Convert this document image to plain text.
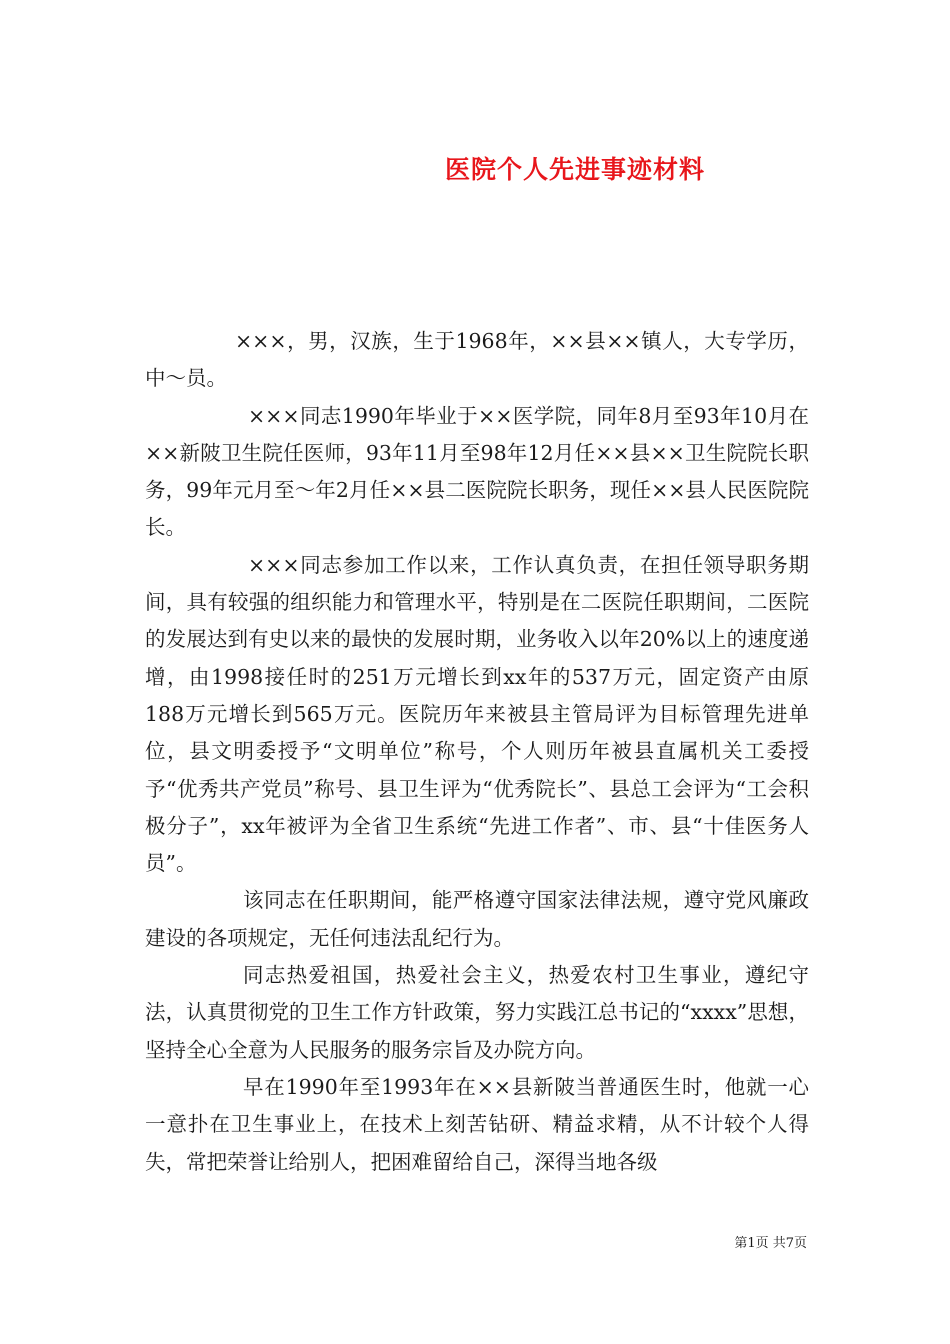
医院个人先进事迹材料

×××，男，汉族，生于1968年，××县××镇人，大专学历，中～员。

×××同志1990年毕业于××医学院，同年8月至93年10月在××新陂卫生院任医师，93年11月至98年12月任××县××卫生院院长职务，99年元月至～年2月任××县二医院院长职务，现任××县人民医院院长。

×××同志参加工作以来，工作认真负责，在担任领导职务期间，具有较强的组织能力和管理水平，特别是在二医院任职期间，二医院的发展达到有史以来的最快的发展时期，业务收入以年20%以上的速度递增，由1998接任时的251万元增长到xx年的537万元，固定资产由原188万元增长到565万元。医院历年来被县主管局评为目标管理先进单位，县文明委授予“文明单位”称号，个人则历年被县直属机关工委授予“优秀共产党员”称号、县卫生评为“优秀院长”、县总工会评为“工会积极分子”，xx年被评为全省卫生系统“先进工作者”、市、县“十佳医务人员”。

该同志在任职期间，能严格遵守国家法律法规，遵守党风廉政建设的各项规定，无任何违法乱纪行为。

同志热爱祖国，热爱社会主义，热爱农村卫生事业，遵纪守法，认真贯彻党的卫生工作方针政策，努力实践江总书记的“xxxx”思想，坚持全心全意为人民服务的服务宗旨及办院方向。

早在1990年至1993年在××县新陂当普通医生时，他就一心一意扑在卫生事业上，在技术上刻苦钻研、精益求精，从不计较个人得失，常把荣誉让给别人，把困难留给自己，深得当地各级

第1页 共7页
